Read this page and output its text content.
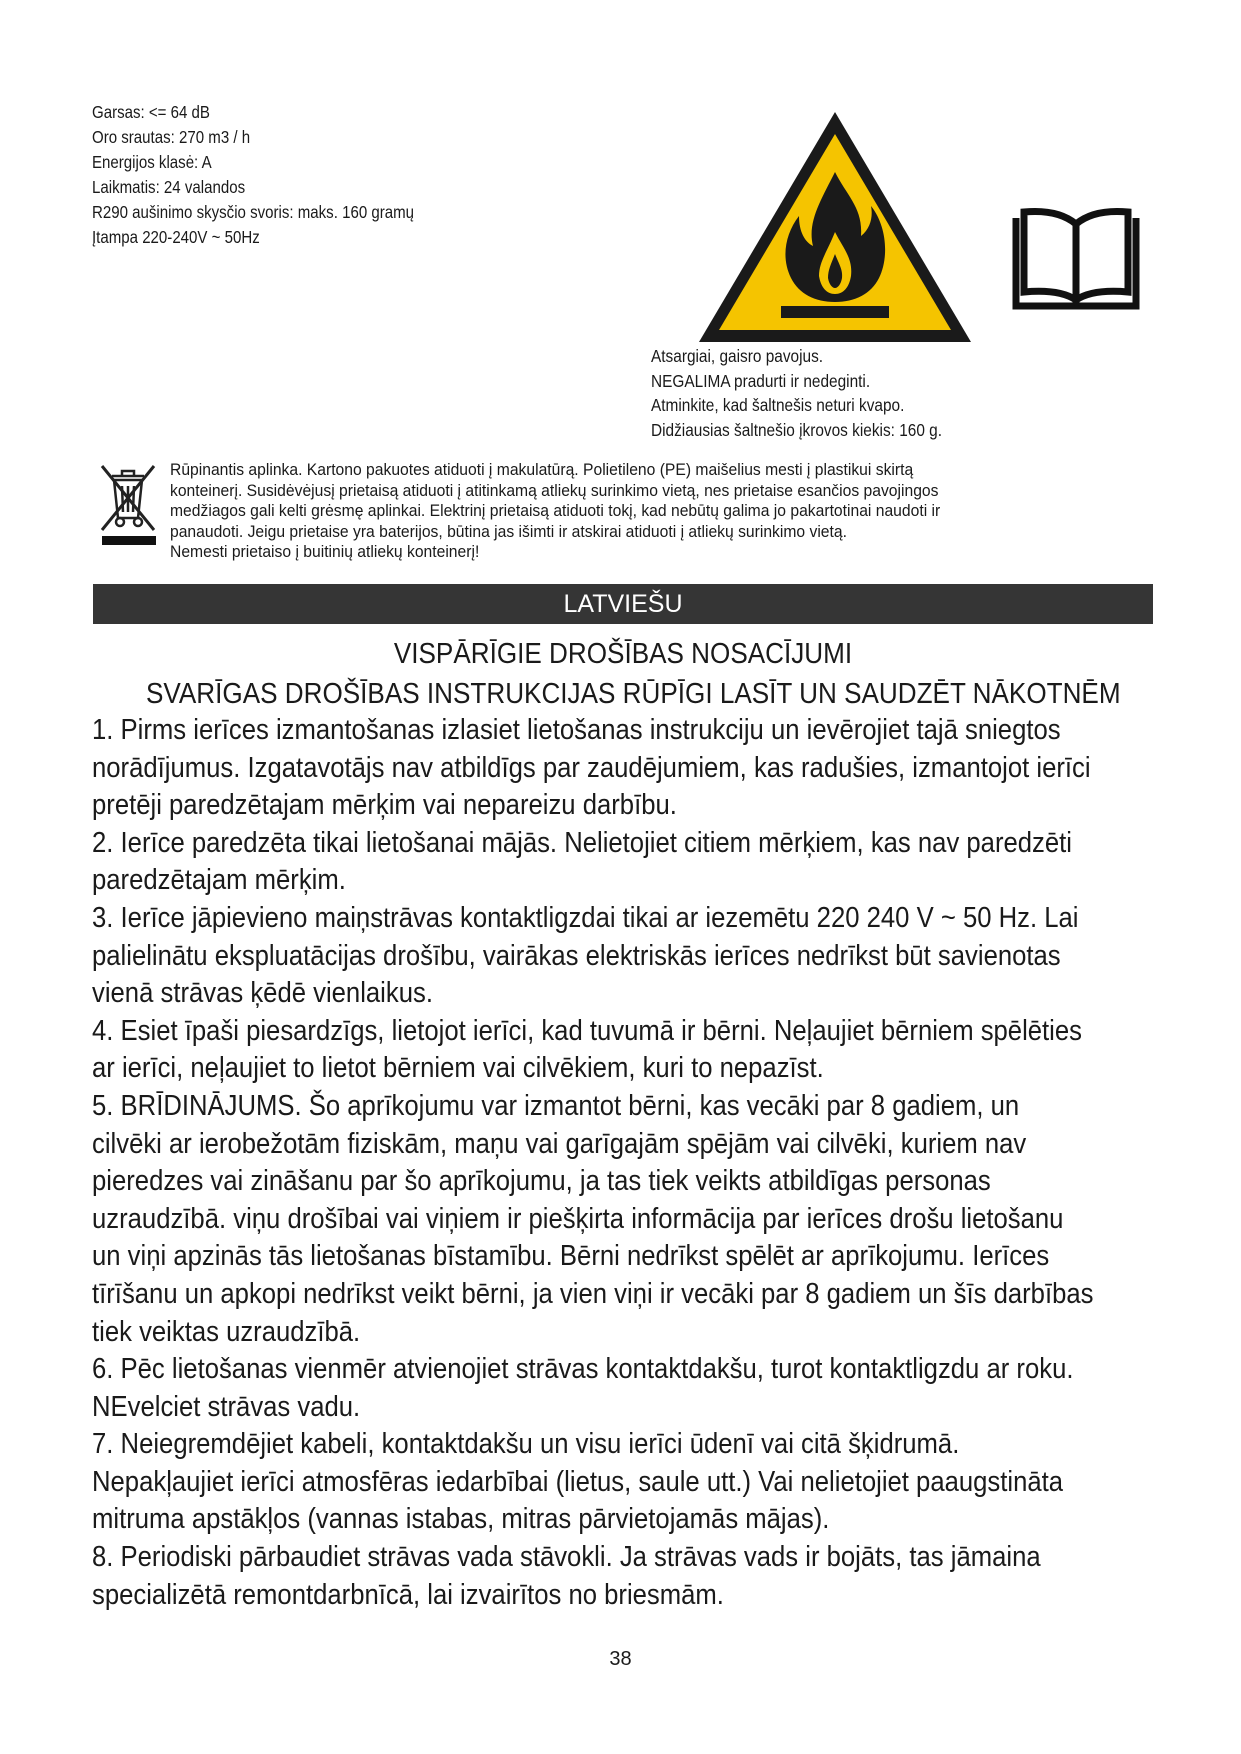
Garsas: <= 64 dB
Oro srautas: 270 m3 / h
Energijos klasė: A
Laikmatis: 24 valandos
R290 aušinimo skysčio svoris: maks. 160 gramų
Įtampa 220-240V ~ 50Hz
Atsargiai, gaisro pavojus.
NEGALIMA pradurti ir nedeginti.
Atminkite, kad šaltnešis neturi kvapo.
Didžiausias šaltnešio įkrovos kiekis: 160 g.
Rūpinantis aplinka. Kartono pakuotes atiduoti į makulatūrą. Polietileno (PE) maišelius mesti į plastikui skirtą
konteinerį. Susidėvėjusį prietaisą atiduoti į atitinkamą atliekų surinkimo vietą, nes prietaise esančios pavojingos
medžiagos gali kelti grėsmę aplinkai. Elektrinį prietaisą atiduoti tokį, kad nebūtų galima jo pakartotinai naudoti ir
panaudoti. Jeigu prietaise yra baterijos, būtina jas išimti ir atskirai atiduoti į atliekų surinkimo vietą.
Nemesti prietaiso į buitinių atliekų konteinerį!
LATVIEŠU
VISPĀRĪGIE DROŠĪBAS NOSACĪJUMI
SVARĪGAS DROŠĪBAS INSTRUKCIJAS RŪPĪGI LASĪT UN SAUDZĒT NĀKOTNĒM
1. Pirms ierīces izmantošanas izlasiet lietošanas instrukciju un ievērojiet tajā sniegtos
norādījumus. Izgatavotājs nav atbildīgs par zaudējumiem, kas radušies, izmantojot ierīci
pretēji paredzētajam mērķim vai nepareizu darbību.
2. Ierīce paredzēta tikai lietošanai mājās. Nelietojiet citiem mērķiem, kas nav paredzēti
paredzētajam mērķim.
3. Ierīce jāpievieno maiņstrāvas kontaktligzdai tikai ar iezemētu 220 240 V ~ 50 Hz. Lai
palielinātu ekspluatācijas drošību, vairākas elektriskās ierīces nedrīkst būt savienotas
vienā strāvas ķēdē vienlaikus.
4. Esiet īpaši piesardzīgs, lietojot ierīci, kad tuvumā ir bērni. Neļaujiet bērniem spēlēties
ar ierīci, neļaujiet to lietot bērniem vai cilvēkiem, kuri to nepazīst.
5. BRĪDINĀJUMS. Šo aprīkojumu var izmantot bērni, kas vecāki par 8 gadiem, un
cilvēki ar ierobežotām fiziskām, maņu vai garīgajām spējām vai cilvēki, kuriem nav
pieredzes vai zināšanu par šo aprīkojumu, ja tas tiek veikts atbildīgas personas
uzraudzībā. viņu drošībai vai viņiem ir piešķirta informācija par ierīces drošu lietošanu
un viņi apzinās tās lietošanas bīstamību. Bērni nedrīkst spēlēt ar aprīkojumu. Ierīces
tīrīšanu un apkopi nedrīkst veikt bērni, ja vien viņi ir vecāki par 8 gadiem un šīs darbības
tiek veiktas uzraudzībā.
6. Pēc lietošanas vienmēr atvienojiet strāvas kontaktdakšu, turot kontaktligzdu ar roku.
NEvelciet strāvas vadu.
7. Neiegremdējiet kabeli, kontaktdakšu un visu ierīci ūdenī vai citā šķidrumā.
Nepakļaujiet ierīci atmosfēras iedarbībai (lietus, saule utt.) Vai nelietojiet paaugstināta
mitruma apstākļos (vannas istabas, mitras pārvietojamās mājas).
8. Periodiski pārbaudiet strāvas vada stāvokli. Ja strāvas vads ir bojāts, tas jāmaina
specializētā remontdarbnīcā, lai izvairītos no briesmām.
38
